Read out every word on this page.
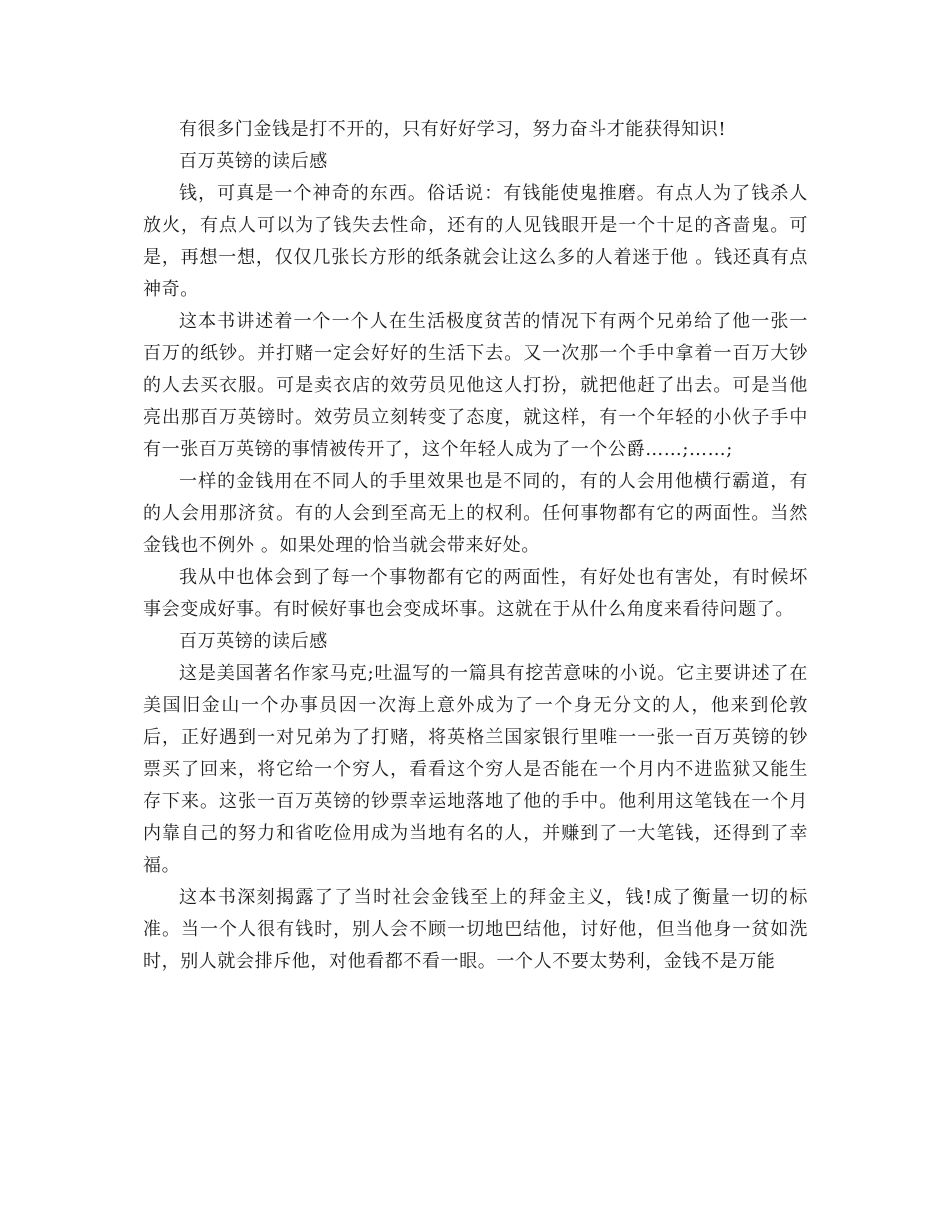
有很多门金钱是打不开的，只有好好学习，努力奋斗才能获得知识!

百万英镑的读后感

钱，可真是一个神奇的东西。俗话说：有钱能使鬼推磨。有点人为了钱杀人放火，有点人可以为了钱失去性命，还有的人见钱眼开是一个十足的吝啬鬼。可是，再想一想，仅仅几张长方形的纸条就会让这么多的人着迷于他 。钱还真有点神奇。

这本书讲述着一个一个人在生活极度贫苦的情况下有两个兄弟给了他一张一百万的纸钞。并打赌一定会好好的生活下去。又一次那一个手中拿着一百万大钞的人去买衣服。可是卖衣店的效劳员见他这人打扮，就把他赶了出去。可是当他亮出那百万英镑时。效劳员立刻转变了态度，就这样，有一个年轻的小伙子手中有一张百万英镑的事情被传开了，这个年轻人成为了一个公爵……;……;

一样的金钱用在不同人的手里效果也是不同的，有的人会用他横行霸道，有的人会用那济贫。有的人会到至高无上的权利。任何事物都有它的两面性。当然金钱也不例外 。如果处理的恰当就会带来好处。

我从中也体会到了每一个事物都有它的两面性，有好处也有害处，有时候坏事会变成好事。有时候好事也会变成坏事。这就在于从什么角度来看待问题了。

百万英镑的读后感

这是美国著名作家马克;吐温写的一篇具有挖苦意味的小说。它主要讲述了在美国旧金山一个办事员因一次海上意外成为了一个身无分文的人，他来到伦敦后，正好遇到一对兄弟为了打赌，将英格兰国家银行里唯一一张一百万英镑的钞票买了回来，将它给一个穷人，看看这个穷人是否能在一个月内不进监狱又能生存下来。这张一百万英镑的钞票幸运地落地了他的手中。他利用这笔钱在一个月内靠自己的努力和省吃俭用成为当地有名的人，并赚到了一大笔钱，还得到了幸福。

这本书深刻揭露了了当时社会金钱至上的拜金主义，钱!成了衡量一切的标准。当一个人很有钱时，别人会不顾一切地巴结他，讨好他，但当他身一贫如洗时，别人就会排斥他，对他看都不看一眼。一个人不要太势利，金钱不是万能
